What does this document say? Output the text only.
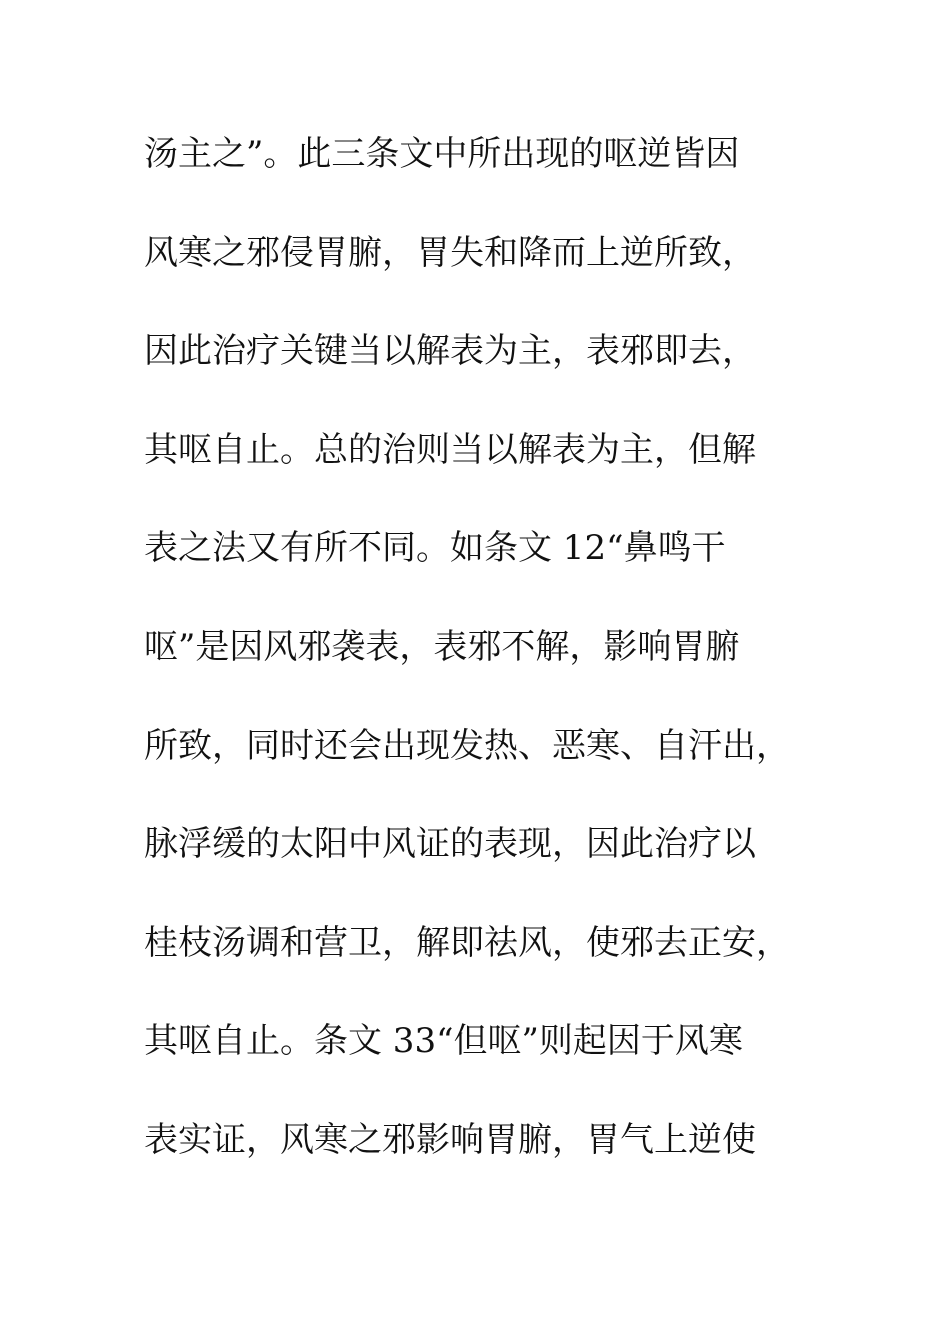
汤主之”。此三条文中所出现的呕逆皆因
风寒之邪侵胃腑，胃失和降而上逆所致，
因此治疗关键当以解表为主，表邪即去，
其呕自止。总的治则当以解表为主，但解
表之法又有所不同。如条文 12“鼻鸣干
呕”是因风邪袭表，表邪不解，影响胃腑
所致，同时还会出现发热、恶寒、自汗出，
脉浮缓的太阳中风证的表现，因此治疗以
桂枝汤调和营卫，解即祛风，使邪去正安，
其呕自止。条文 33“但呕”则起因于风寒
表实证，风寒之邪影响胃腑，胃气上逆使
